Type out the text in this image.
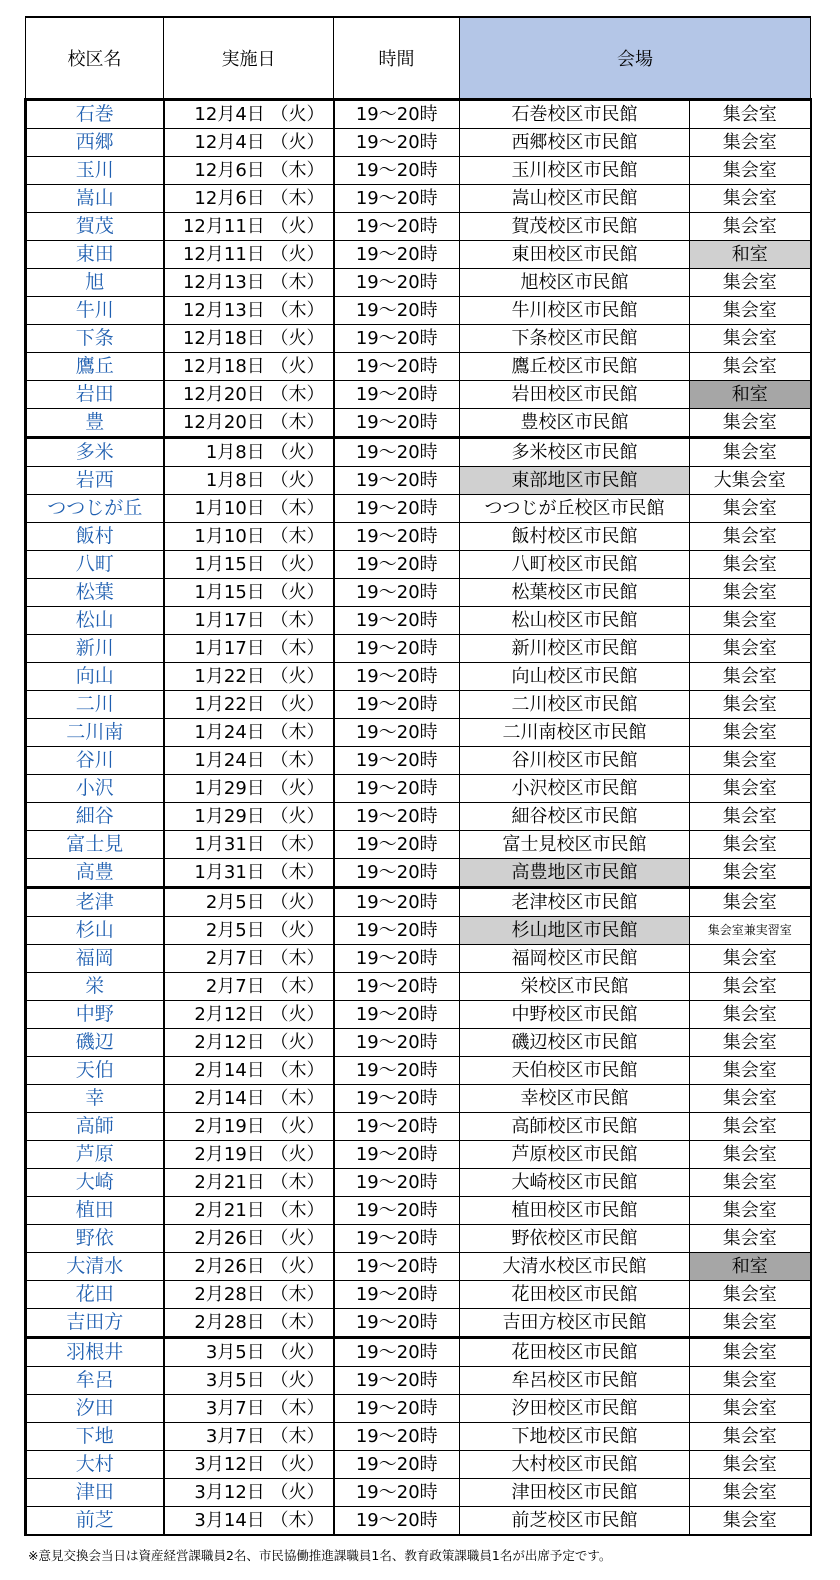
校区名	実施日	時間	会場	
石巻	12月4日 （火）	19～20時	石巻校区市民館	集会室
西郷	12月4日 （火）	19～20時	西郷校区市民館	集会室
玉川	12月6日 （木）	19～20時	玉川校区市民館	集会室
嵩山	12月6日 （木）	19～20時	嵩山校区市民館	集会室
賀茂	12月11日 （火）	19～20時	賀茂校区市民館	集会室
東田	12月11日 （火）	19～20時	東田校区市民館	和室
旭	12月13日 （木）	19～20時	旭校区市民館	集会室
牛川	12月13日 （木）	19～20時	牛川校区市民館	集会室
下条	12月18日 （火）	19～20時	下条校区市民館	集会室
鷹丘	12月18日 （火）	19～20時	鷹丘校区市民館	集会室
岩田	12月20日 （木）	19～20時	岩田校区市民館	和室
豊	12月20日 （木）	19～20時	豊校区市民館	集会室
多米	1月8日 （火）	19～20時	多米校区市民館	集会室
岩西	1月8日 （火）	19～20時	東部地区市民館	大集会室
つつじが丘	1月10日 （木）	19～20時	つつじが丘校区市民館	集会室
飯村	1月10日 （木）	19～20時	飯村校区市民館	集会室
八町	1月15日 （火）	19～20時	八町校区市民館	集会室
松葉	1月15日 （火）	19～20時	松葉校区市民館	集会室
松山	1月17日 （木）	19～20時	松山校区市民館	集会室
新川	1月17日 （木）	19～20時	新川校区市民館	集会室
向山	1月22日 （火）	19～20時	向山校区市民館	集会室
二川	1月22日 （火）	19～20時	二川校区市民館	集会室
二川南	1月24日 （木）	19～20時	二川南校区市民館	集会室
谷川	1月24日 （木）	19～20時	谷川校区市民館	集会室
小沢	1月29日 （火）	19～20時	小沢校区市民館	集会室
細谷	1月29日 （火）	19～20時	細谷校区市民館	集会室
富士見	1月31日 （木）	19～20時	富士見校区市民館	集会室
高豊	1月31日 （木）	19～20時	高豊地区市民館	集会室
老津	2月5日 （火）	19～20時	老津校区市民館	集会室
杉山	2月5日 （火）	19～20時	杉山地区市民館	集会室兼実習室
福岡	2月7日 （木）	19～20時	福岡校区市民館	集会室
栄	2月7日 （木）	19～20時	栄校区市民館	集会室
中野	2月12日 （火）	19～20時	中野校区市民館	集会室
磯辺	2月12日 （火）	19～20時	磯辺校区市民館	集会室
天伯	2月14日 （木）	19～20時	天伯校区市民館	集会室
幸	2月14日 （木）	19～20時	幸校区市民館	集会室
高師	2月19日 （火）	19～20時	高師校区市民館	集会室
芦原	2月19日 （火）	19～20時	芦原校区市民館	集会室
大崎	2月21日 （木）	19～20時	大崎校区市民館	集会室
植田	2月21日 （木）	19～20時	植田校区市民館	集会室
野依	2月26日 （火）	19～20時	野依校区市民館	集会室
大清水	2月26日 （火）	19～20時	大清水校区市民館	和室
花田	2月28日 （木）	19～20時	花田校区市民館	集会室
吉田方	2月28日 （木）	19～20時	吉田方校区市民館	集会室
羽根井	3月5日 （火）	19～20時	花田校区市民館	集会室
牟呂	3月5日 （火）	19～20時	牟呂校区市民館	集会室
汐田	3月7日 （木）	19～20時	汐田校区市民館	集会室
下地	3月7日 （木）	19～20時	下地校区市民館	集会室
大村	3月12日 （火）	19～20時	大村校区市民館	集会室
津田	3月12日 （火）	19～20時	津田校区市民館	集会室
前芝	3月14日 （木）	19～20時	前芝校区市民館	集会室
※意見交換会当日は資産経営課職員2名、市民協働推進課職員1名、教育政策課職員1名が出席予定です。
